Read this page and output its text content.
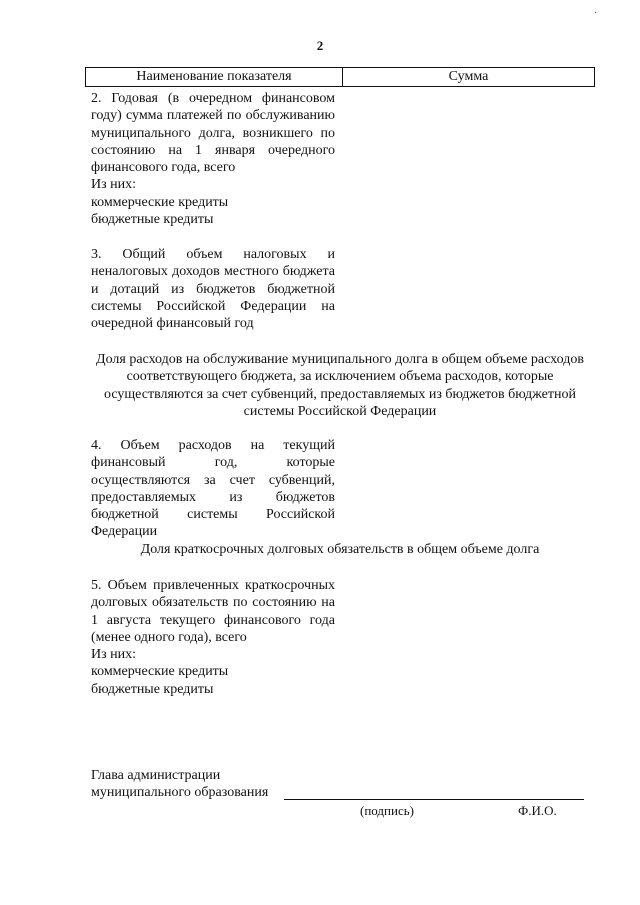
·
2
Наименование показателя	Сумма

2. Годовая (в очередном финансовом году) сумма платежей по обслуживанию муниципального долга, возникшего по состоянию на 1 января очередного финансового года, всего

Из них:

коммерческие кредиты

бюджетные кредиты

3. Общий объем налоговых и неналоговых доходов местного бюджета и дотаций из бюджетов бюджетной системы Российской Федерации на очередной финансовый год

Доля расходов на обслуживание муниципального долга в общем объеме расходов соответствующего бюджета, за исключением объема расходов, которые осуществляются за счет субвенций, предоставляемых из бюджетов бюджетной системы Российской Федерации

4. Объем расходов на текущий финансовый год, которые осуществляются за счет субвенций, предоставляемых из бюджетов бюджетной системы Российской Федерации

Доля краткосрочных долговых обязательств в общем объеме долга

5. Объем привлеченных краткосрочных долговых обязательств по состоянию на 1 августа текущего финансового года (менее одного года), всего

Из них:

коммерческие кредиты

бюджетные кредиты

Глава администрации
муниципального образования
(подпись)	Ф.И.О.
